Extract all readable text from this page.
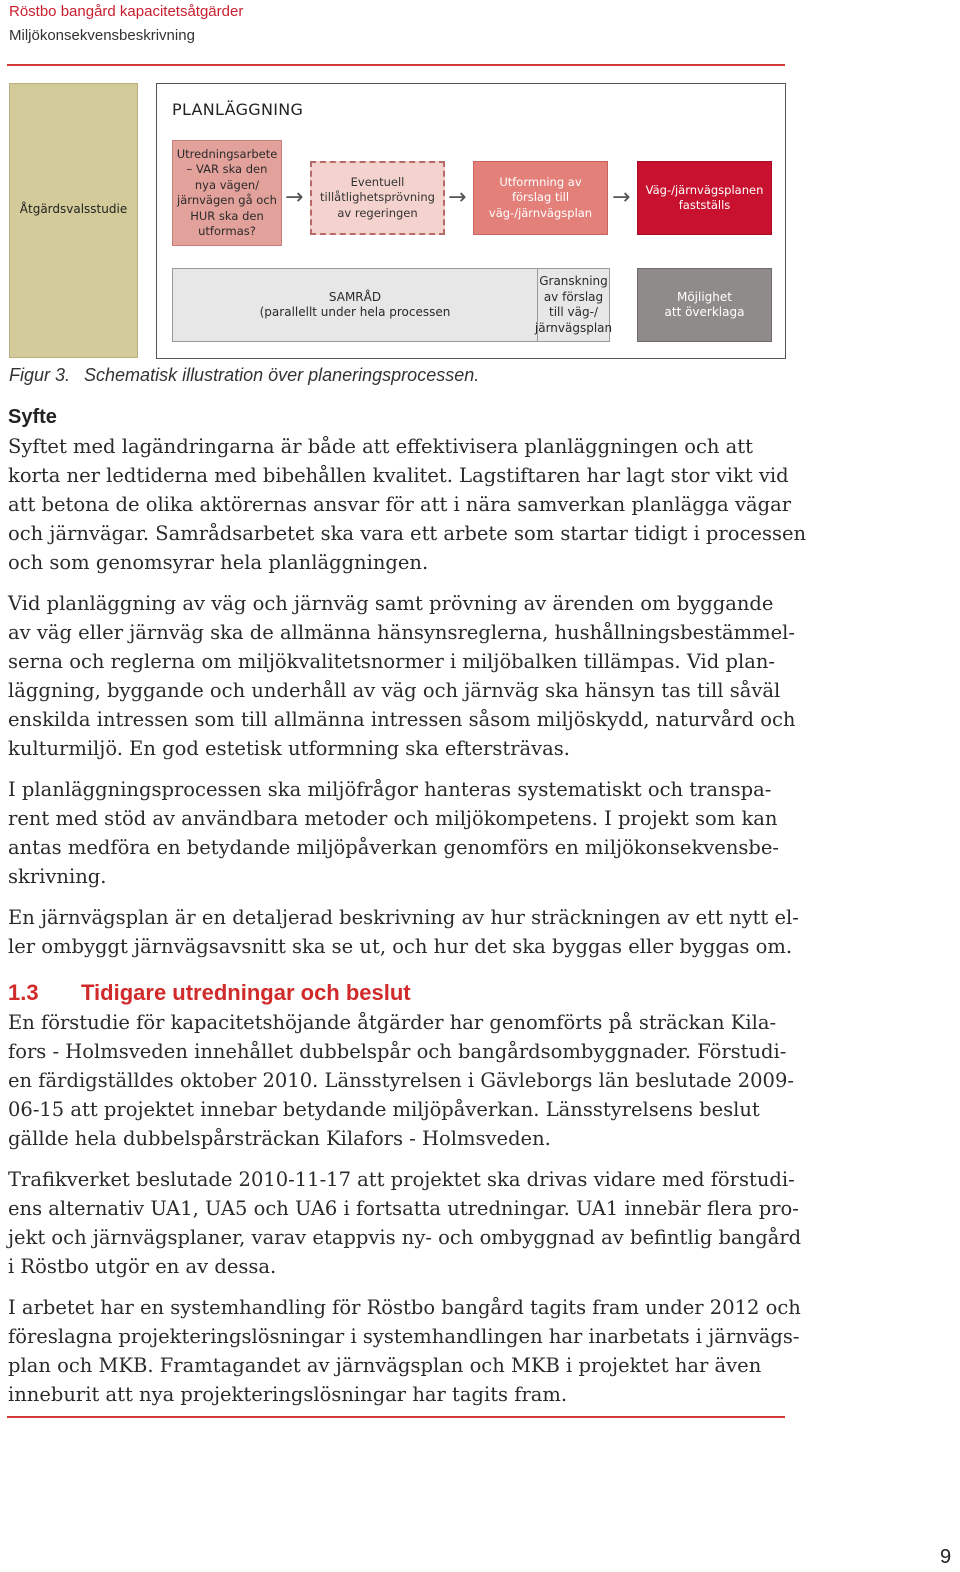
Röstbo bangård kapacitetsåtgärder
Miljökonsekvensbeskrivning
Åtgärdsvalsstudie
PLANLÄGGNING
Utredningsarbete
– VAR ska den
nya vägen/
järnvägen gå och
HUR ska den
utformas?
→
Eventuell
tillåtlighetsprövning
av regeringen
→
Utformning av
förslag till
väg-/järnvägsplan
→ Väg-/järnvägsplanen
fastställs
SAMRÅD
(parallellt under hela processen
Granskning
av förslag
till väg-/
järnvägsplan
Möjlighet
att överklaga
Figur 3. Schematisk illustration över planeringsprocessen.
Syfte
Syftet med lagändringarna är både att effektivisera planläggningen och att
korta ner ledtiderna med bibehållen kvalitet. Lagstiftaren har lagt stor vikt vid
att betona de olika aktörernas ansvar för att i nära samverkan planlägga vägar
och järnvägar. Samrådsarbetet ska vara ett arbete som startar tidigt i processen
och som genomsyrar hela planläggningen.
Vid planläggning av väg och järnväg samt prövning av ärenden om byggande
av väg eller järnväg ska de allmänna hänsynsreglerna, hushållningsbestämmel-
serna och reglerna om miljökvalitetsnormer i miljöbalken tillämpas. Vid plan-
läggning, byggande och underhåll av väg och järnväg ska hänsyn tas till såväl
enskilda intressen som till allmänna intressen såsom miljöskydd, naturvård och
kulturmiljö. En god estetisk utformning ska eftersträvas.
I planläggningsprocessen ska miljöfrågor hanteras systematiskt och transpa-
rent med stöd av användbara metoder och miljökompetens. I projekt som kan
antas medföra en betydande miljöpåverkan genomförs en miljökonsekvensbe-
skrivning.
En järnvägsplan är en detaljerad beskrivning av hur sträckningen av ett nytt el-
ler ombyggt järnvägsavsnitt ska se ut, och hur det ska byggas eller byggas om.
1.3 Tidigare utredningar och beslut
En förstudie för kapacitetshöjande åtgärder har genomförts på sträckan Kila-
fors - Holmsveden innehållet dubbelspår och bangårdsombyggnader. Förstudi-
en färdigställdes oktober 2010. Länsstyrelsen i Gävleborgs län beslutade 2009-
06-15 att projektet innebar betydande miljöpåverkan. Länsstyrelsens beslut
gällde hela dubbelspårsträckan Kilafors - Holmsveden.
Trafikverket beslutade 2010-11-17 att projektet ska drivas vidare med förstudi-
ens alternativ UA1, UA5 och UA6 i fortsatta utredningar. UA1 innebär flera pro-
jekt och järnvägsplaner, varav etappvis ny- och ombyggnad av befintlig bangård
i Röstbo utgör en av dessa.
I arbetet har en systemhandling för Röstbo bangård tagits fram under 2012 och
föreslagna projekteringslösningar i systemhandlingen har inarbetats i järnvägs-
plan och MKB. Framtagandet av järnvägsplan och MKB i projektet har även
inneburit att nya projekteringslösningar har tagits fram.
9
